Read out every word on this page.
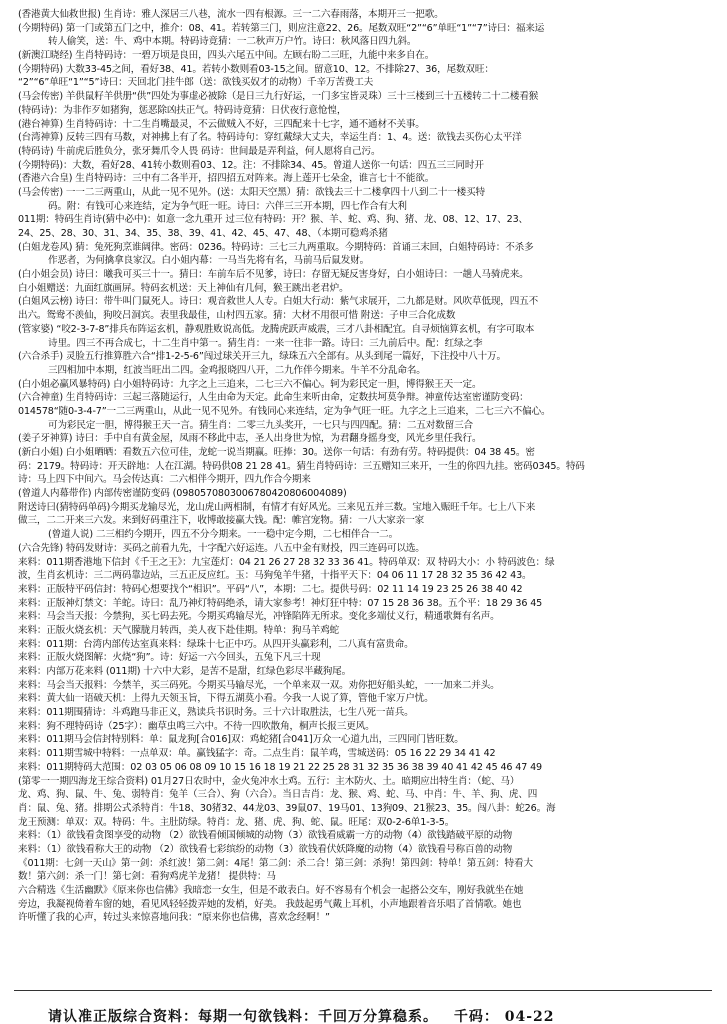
(香港黄大仙救世报) 生肖诗：雅人深居三八巷，流水一四有根源。三一二六春雨落，本期开三一把歌。
(今期特码) 第一门或第五门之中，推介：08、41。若转第三门，则应注意22、26。尾数双旺“2”“6”单旺“1”“7”诗曰：福来运
转人偷笑，送：牛、鸡中本期。特码诗竟猜：一二秋声万户竹。诗曰：秋风落日四九斜。
(新澳江晓经) 生肖特码诗：一碧万顷是良田，四头六尾五中间。左顾右盼二三旺，九能中来多自在。
(今期特码) 大数33-45之间，看好38、41。若转小数则看03-15之间。留意10、12。不排除27、36，尾数双旺：
“2”“6”单旺“1”“5”诗曰：天回北门挂牛郎（送：欲钱买奴才的动物）千辛万苦费工夫
(马会传密) 羊供鼠籽羊供册“供”四处为事虚必被除（是日三九行好运，一门多宝皆灵珠）三十三楼到三十五楼转二十二楼看猴
(特码诗)：为非作歹如猪狗，惩恶除凶扶正气。特码诗竟猜：日伏夜行意怆惶，
(港台神算) 生肖特码诗：十二生肖嘴最灵，不云做贼入不好，三四配来十七字，通不通材不关事。
(台湾神算) 反转三四有马数，对神拂上有了名。特码诗句：穿红戴绿大丈夫，幸运生肖：1、4。送：欲钱去买伤心太平洋
(特码诗) 牛前虎后胜负分，张牙舞爪令人畏 码诗：世间最是弄利益，何人愿将自己污。
(今期特码)：大数，看好28、41转小数则看03、12。注：不排除34、45。曾道人送你一句话：四五三三同时开
(香港六合皇) 生肖特码诗：三中有二各半开，招四招五对阵来。海上莲开七朵金，谁言七十不能欲。
(马会传密) 一一二三两重山，从此一见不见外。(送：太阳天空黑）猜：欲钱去三十二楼拿四十八到二十一楼买特
码。附：有钱可心来连结，定为争气旺一旺。诗曰：六伴三三开本期，四七作合有大利
011期：特码生肖诗(猜中必中)：如意一念九重开 过三位有特码：开？猴、羊、蛇、鸡、狗、猪、龙、08、12、17、23、
24、25、28、30、31、34、35、38、39、41、42、45、47、48、（本期可稳鸡杀猪
(白姐龙卷风) 猜：兔死狗烹谁阔律。密码：0236。特码诗：三七三九两重取。今期特码：首诵三末回，白姐特码诗：不杀多
作恶者，为何擒拿良家汉。白小姐内幕：一马当先将有名，马前马后鼠发财。
(白小姐会员) 诗曰：曦我可买三十一。猜曰：车前车后不见爹，诗曰：存留无疑反害身好，白小姐诗曰：一趟人马骑虎来。
白小姐赠送：九面红旗画屏。特码玄机送：天上神仙有几何，猴王跳出老君炉。
(白姐风云榜) 诗曰：带牛叫门鼠死人。诗曰：观音救世人人专。白姐大行动：紫气求展开，二九都是财。风吹草低现，四五不
出六。鸳鸯不羡仙，狗咬吕洞宾。表里我最佳，山村四五家。猜：大材不用很可惜 附送：子申三合化成数
(管家婆) “咬2-3-7-8”排兵布阵运玄机，静观胜败说高低。龙腾虎跃声威震，三才八卦相配宜。自寻烦恼算玄机，有字可取本
诗里。四三不再合成七，十二生肖中第一。猜生肖：一来一往非一路。诗曰：三九前后中。配：红绿之李
(六合杀手) 灵脸五行推算胜六合“排1-2-5-6”闯过球关开三九，绿珠五六全部有。从头到尾一篇好，下注投中八十万。
三四相加中本期，红波当旺出二四。金鸡报晓四八开，二九作伴今期来。牛羊不分乱命名。
(白小姐必赢风暴特码) 白小姐特码诗：九字之上三追来，二七三六不偏心。轲为彩民定一胆，博得猴王天一定。
(六合神童) 生肖特码诗：三起三落随运行，人生由命为天定。此命生来听由命，定数扶坷莫争辩。神童传达室密谨防变码：
014578“随0-3-4-7”一二三两重山，从此一见不见外。有钱同心来连结，定为争气旺一旺。九字之上三追来，二七三六不偏心。
可为彩民定一胆，博得猴王天一言。猜生肖：二零三九头奖开，一七只与四四配。猜：二五对数留三合
(姜子牙神算) 诗曰：手中自有黄金屋，凤雨不移此中志，圣人出身世为惊，为君翻身摇身变，风光乡里任我行。
(新白小姐) 白小姐晒晒：看数五六位可佳，龙蛇一说当期赢。旺捧：30。送你一句话：有劲有劳。特码提供：04 38 45。密
码：2179。特码诗：开天辟地：人在江湖。特码供08 21 28 41。猜生肖特码诗：三五赠知三来开，一生的你四九挂。密码0345。特码
诗：马上四下中间六。马会传达真：二六相伴今期开，四九作合今期来
(曾道人内幕带作) 内部传密谨防变码 (0980570803006780420806004089)
附送诗曰(猜特码单码)今期买龙输尽光，龙山虎山两相制，有情才有好风光。三来见五并三数。宝地入赈旺千年。七上八下来
做三，二二开来三六发。来到好码重注下，收博敢接赢大钱。配：帷宫宠物。猜：一八大家亲一家
(曾道人说) 二三相约今期开，四五不分今期来。一一稳中定今期，二七相伴合一二。
(六合先锋) 特码发财诗：买码之前看九先，十字配六好运连。八五中金有财投，四三连码可以选。
来料：011期香港地下信封《千王之王》：九宝莲灯：04 21 26 27 28 32 33 36 41。特码单双：双 特码大小：小 特码波色：绿
波，生肖玄机诗：三二两码靠边站，三五正反应红。玉：马狗兔羊牛猪，十指平天下：04 06 11 17 28 32 35 36 42 43。
来料：正版特平码信封：特码心想要找个“相识”。平码“八”，本期：二七。提供号码：02 11 14 19 23 25 26 38 40 42
来料：正版神灯禁文：羊蛇。诗曰：乱乃神灯特码绝杀，请大家参考！神灯狂中特：07 15 28 36 38。五个平：18 29 36 45
来料：马会当天报：今禁狗，买七码去死。今期买鸡输尽光，冲锋陷阵无所求。变化多端仗义行，精通歌舞有名声。
来料：正版火烧玄机：天气朦胧月转西，美人夜下赴佳期。特单：狗马羊鸡蛇
来料：011期：台湾内部传达室真来料：绿珠十七正中巧。从四开头赢彩利，二八真有富贵命。
来料：正版火烧图解：火烧“狗”。诗：好运一六今回头，五兔下凡三十现
来料：内部万花来料 (011期) 十六中大彩，是苦不是甜，红绿色彩尽半藏狗尾。
来料：马会当天报料：今禁羊，买三码死。今期买马输尽光，一个单来双一双。劝你把好船头蛇，一一加来二并头。
来料：黄大仙一语破天机：上得九天领玉旨，下得五湖莫小看。今我一人说了算，管他千家万户忧。
来料：011期围猜诗：斗鸡跑马非正义，熟读兵书识时务。三十六计取胜法，七生八死一苗兵。
来料：狗不理特码诗（25字）：幽草虫鸣三六中。不待一四吹散角，桐声长报三更风。
来料：011期马会信封特别料：单：鼠龙狗[合016]双：鸡蛇猪[合041]万众一心道九出，三四同门皆旺数。
来料：011期雪城中特料：一点单双：单。赢钱猛字：奇。二点生肖：鼠羊鸡，雪城送码：05 16 22 29 34 41 42
来料：011期特码大范围：02 03 05 06 08 09 10 15 16 18 19 21 22 25 28 31 32 35 36 38 39 40 41 42 45 46 47 49
(第零一一期四海龙王综合资料) 01月27日农时中，金火兔冲水土鸡。五行：主木防火、土。暗期应出特生肖：（蛇、马）
龙、鸡、狗、鼠、牛、兔、弱特肖：兔羊（三合）、狗（六合）。当日吉肖：龙、猴、鸡、蛇、马、中肖：牛、羊、狗、虎、四
肖：鼠、兔、猪。排期公式杀特肖：牛18、30猪32、44龙03、39鼠07、19马01、13狗09、21猴23、35。闯八卦：蛇26。海
龙王预测：单双：双。特码：牛。主肚防绿。特肖：龙、猪、虎、狗、蛇、鼠。旺尾：双0-2-6单1-3-5。
来料：（1）欲钱看贪图享受的动物 （2）欲钱看倾国倾城的动物（3）欲钱看威霸一方的动物（4）欲钱踏破平原的动物
来料：（1）欲钱看称大王的动物 （2）欲钱看七彩缤纷的动物（3）欲钱看伏妖降魔的动物（4）欲钱看号称百兽的动物
《011期：七剑一天山》第一剑：杀红波！第二剑：4尾！第二剑：杀二合！第三剑：杀狗！第四剑：特单！第五剑：特看大
数！第六剑：杀一门！第七剑：看狗鸡虎羊龙猪！ 提供特：马
六合精选《生活幽默》《原来你也信佛》我暗恋一女生，但是不敢表白。好不容易有个机会一起搭公交车，刚好我就坐在她
旁边，我凝视倚着车窗的她，看见风轻轻拨弄她的发梢，好美。 我鼓起勇气戴上耳机，小声地跟着音乐唱了首情歌。她也
许听懂了我的心声，转过头来惊喜地问我：“原来你也信佛，喜欢念经啊！”
请认准正版综合资料：每期一句欲钱料：千回万分算稳系。 千码： 04-22
